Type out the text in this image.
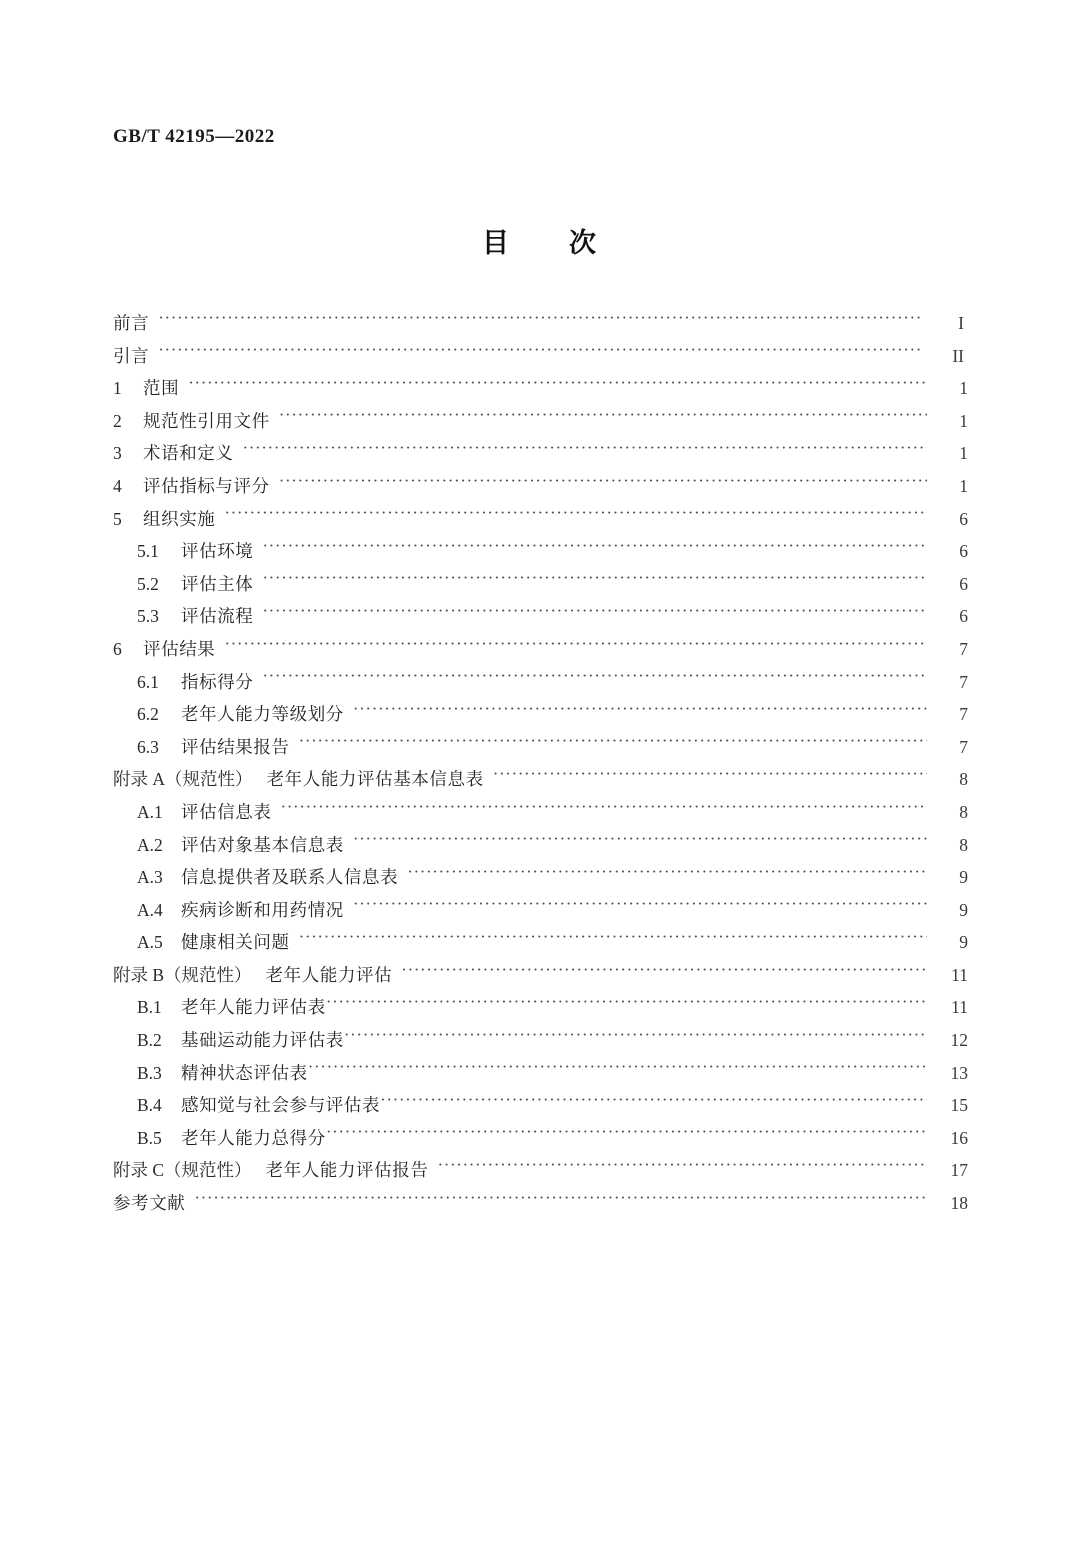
GB/T 42195—2022
目　　次
前言 ·····	I
引言 ·····	II
1	范围 ·····	1
2	规范性引用文件 ·····	1
3	术语和定义 ·····	1
4	评估指标与评分 ·····	1
5	组织实施 ·····	6
5.1	评估环境 ·····	6
5.2	评估主体 ·····	6
5.3	评估流程 ·····	6
6	评估结果 ·····	7
6.1	指标得分 ·····	7
6.2	老年人能力等级划分 ·····	7
6.3	评估结果报告 ·····	7
附录 A（规范性） 老年人能力评估基本信息表 ·····	8
A.1	评估信息表 ·····	8
A.2	评估对象基本信息表 ·····	8
A.3	信息提供者及联系人信息表 ·····	9
A.4	疾病诊断和用药情况 ·····	9
A.5	健康相关问题 ·····	9
附录 B（规范性） 老年人能力评估 ·····	11
B.1	老年人能力评估表 ·····	11
B.2	基础运动能力评估表 ·····	12
B.3	精神状态评估表 ·····	13
B.4	感知觉与社会参与评估表 ·····	15
B.5	老年人能力总得分 ·····	16
附录 C（规范性） 老年人能力评估报告 ·····	17
参考文献 ·····	18
